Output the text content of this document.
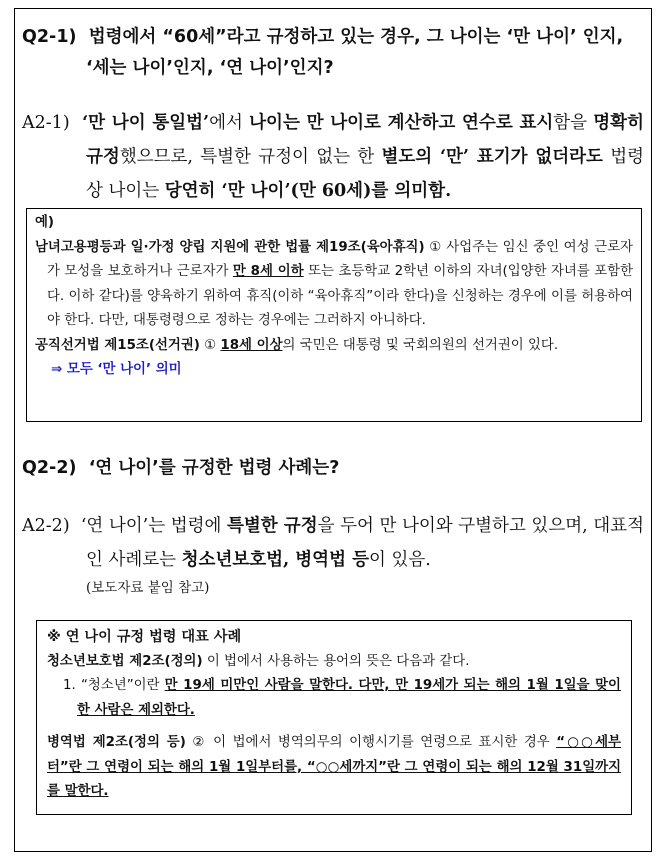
Q2-1) 법령에서 “60세”라고 규정하고 있는 경우, 그 나이는 ‘만 나이’ 인지, ‘세는 나이’인지, ‘연 나이’인지?
A2-1) ‘만 나이 통일법’에서 나이는 만 나이로 계산하고 연수로 표시함을 명확히 규정했으므로, 특별한 규정이 없는 한 별도의 ‘만’ 표기가 없더라도 법령상 나이는 당연히 ‘만 나이’(만 60세)를 의미함.

예)

남녀고용평등과 일·가정 양립 지원에 관한 법률 제19조(육아휴직) ① 사업주는 임신 중인 여성 근로자가 모성을 보호하거나 근로자가 만 8세 이하 또는 초등학교 2학년 이하의 자녀(입양한 자녀를 포함한다. 이하 같다)를 양육하기 위하여 휴직(이하 “육아휴직”이라 한다)을 신청하는 경우에 이를 허용하여야 한다. 다만, 대통령령으로 정하는 경우에는 그러하지 아니하다.

공직선거법 제15조(선거권) ① 18세 이상의 국민은 대통령 및 국회의원의 선거권이 있다.

⇒ 모두 ‘만 나이’ 의미

Q2-2) ‘연 나이’를 규정한 법령 사례는?
A2-2) ‘연 나이’는 법령에 특별한 규정을 두어 만 나이와 구별하고 있으며, 대표적인 사례로는 청소년보호법, 병역법 등이 있음.
(보도자료 붙임 참고)

※ 연 나이 규정 법령 대표 사례

청소년보호법 제2조(정의) 이 법에서 사용하는 용어의 뜻은 다음과 같다.

1. “청소년”이란 만 19세 미만인 사람을 말한다. 다만, 만 19세가 되는 해의 1월 1일을 맞이한 사람은 제외한다.

병역법 제2조(정의 등) ② 이 법에서 병역의무의 이행시기를 연령으로 표시한 경우 “○○세부터”란 그 연령이 되는 해의 1월 1일부터를, “○○세까지”란 그 연령이 되는 해의 12월 31일까지를 말한다.
